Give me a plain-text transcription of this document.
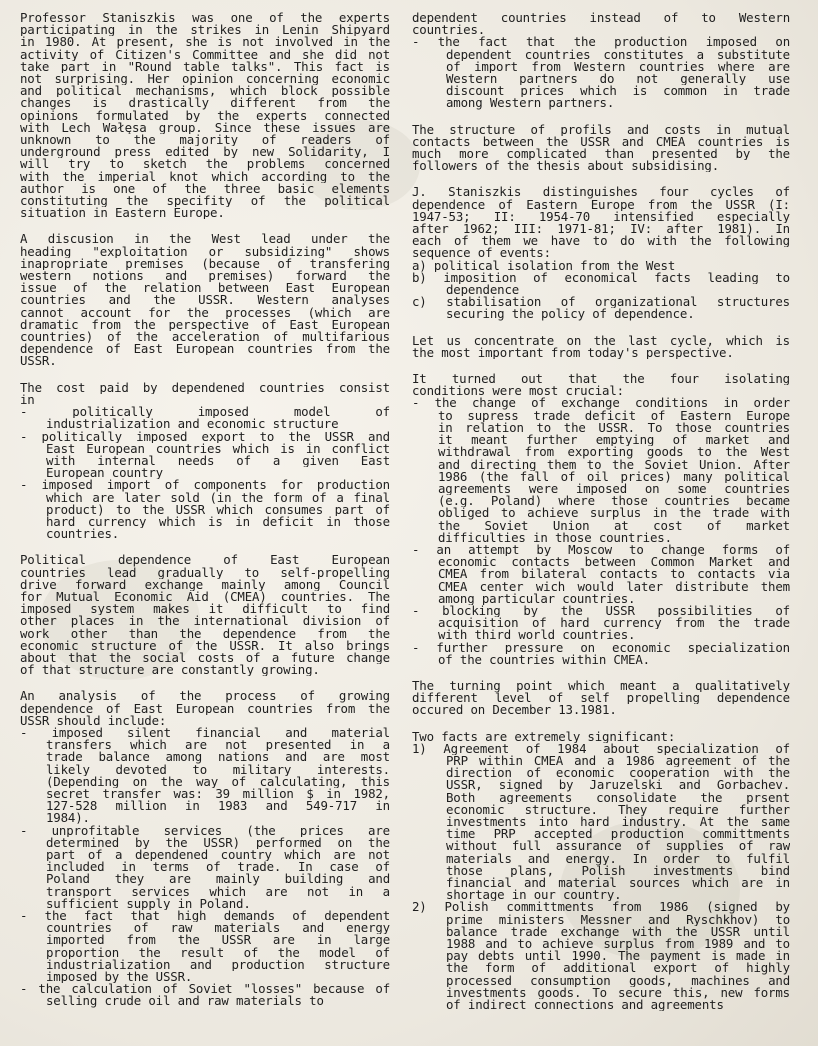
Professor Staniszkis was one of the experts
participating in the strikes in Lenin Shipyard
in 1980. At present, she is not involved in the
activity of Citizen's Committee and she did not
take part in "Round table talks". This fact is
not surprising. Her opinion concerning economic
and political mechanisms, which block possible
changes is drastically different from the
opinions formulated by the experts connected
with Lech Wałęsa group. Since these issues are
unknown to the majority of readers of
underground press edited by new Solidarity, I
will try to sketch the problems concerned
with the imperial knot which according to the
author is one of the three basic elements
constituting the specifity of the political
situation in Eastern Europe.
A discusion in the West lead under the
heading "exploitation or subsidizing" shows
inapropriate premises (because of transfering
western notions and premises) forward the
issue of the relation between East European
countries and the USSR. Western analyses
cannot account for the processes (which are
dramatic from the perspective of East European
countries) of the acceleration of multifarious
dependence of East European countries from the
USSR.
The cost paid by dependened countries consist
in
- politically imposed model of
industrialization and economic structure
- politically imposed export to the USSR and
East European countries which is in conflict
with internal needs of a given East
European country
- imposed import of components for production
which are later sold (in the form of a final
product) to the USSR which consumes part of
hard currency which is in deficit in those
countries.
Political dependence of East European
countries lead gradually to self-propelling
drive forward exchange mainly among Council
for Mutual Economic Aid (CMEA) countries. The
imposed system makes it difficult to find
other places in the international division of
work other than the dependence from the
economic structure of the USSR. It also brings
about that the social costs of a future change
of that structure are constantly growing.
An analysis of the process of growing
dependence of East European countries from the
USSR should include:
- imposed silent financial and material
transfers which are not presented in a
trade balance among nations and are most
likely devoted to military interests.
(Depending on the way of calculating, this
secret transfer was: 39 million $ in 1982,
127-528 million in 1983 and 549-717 in
1984).
- unprofitable services (the prices are
determined by the USSR) performed on the
part of a dependened country which are not
included in terms of trade. In case of
Poland they are mainly building and
transport services which are not in a
sufficient supply in Poland.
- the fact that high demands of dependent
countries of raw materials and energy
imported from the USSR are in large
proportion the result of the model of
industrialization and production structure
imposed by the USSR.
- the calculation of Soviet "losses" because of
selling crude oil and raw materials to
dependent countries instead of to Western
countries.
- the fact that the production imposed on
dependent countries constitutes a substitute
of import from Western countries where are
Western partners do not generally use
discount prices which is common in trade
among Western partners.
The structure of profils and costs in mutual
contacts between the USSR and CMEA countries is
much more complicated than presented by the
followers of the thesis about subsidising.
J. Staniszkis distinguishes four cycles of
dependence of Eastern Europe from the USSR (I:
1947-53; II: 1954-70 intensified especially
after 1962; III: 1971-81; IV: after 1981). In
each of them we have to do with the following
sequence of events:
a) political isolation from the West
b) imposition of economical facts leading to
dependence
c) stabilisation of organizational structures
securing the policy of dependence.
Let us concentrate on the last cycle, which is
the most important from today's perspective.
It turned out that the four isolating
conditions were most crucial:
- the change of exchange conditions in order
to supress trade deficit of Eastern Europe
in relation to the USSR. To those countries
it meant further emptying of market and
withdrawal from exporting goods to the West
and directing them to the Soviet Union. After
1986 (the fall of oil prices) many political
agreements were imposed on some countries
(e.g. Poland) where those countries became
obliged to achieve surplus in the trade with
the Soviet Union at cost of market
difficulties in those countries.
- an attempt by Moscow to change forms of
economic contacts between Common Market and
CMEA from bilateral contacts to contacts via
CMEA center wich would later distribute them
among particular countries.
- blocking by the USSR possibilities of
acquisition of hard currency from the trade
with third world countries.
- further pressure on economic specialization
of the countries within CMEA.
The turning point which meant a qualitatively
different level of self propelling dependence
occured on December 13.1981.
Two facts are extremely significant:
1) Agreement of 1984 about specialization of
PRP within CMEA and a 1986 agreement of the
direction of economic cooperation with the
USSR, signed by Jaruzelski and Gorbachev.
Both agreements consolidate the prsent
economic structure. They require further
investments into hard industry. At the same
time PRP accepted production committments
without full assurance of supplies of raw
materials and energy. In order to fulfil
those plans, Polish investments bind
financial and material sources which are in
shortage in our country.
2) Polish committments from 1986 (signed by
prime ministers Messner and Ryschkhov) to
balance trade exchange with the USSR until
1988 and to achieve surplus from 1989 and to
pay debts until 1990. The payment is made in
the form of additional export of highly
processed consumption goods, machines and
investments goods. To secure this, new forms
of indirect connections and agreements
